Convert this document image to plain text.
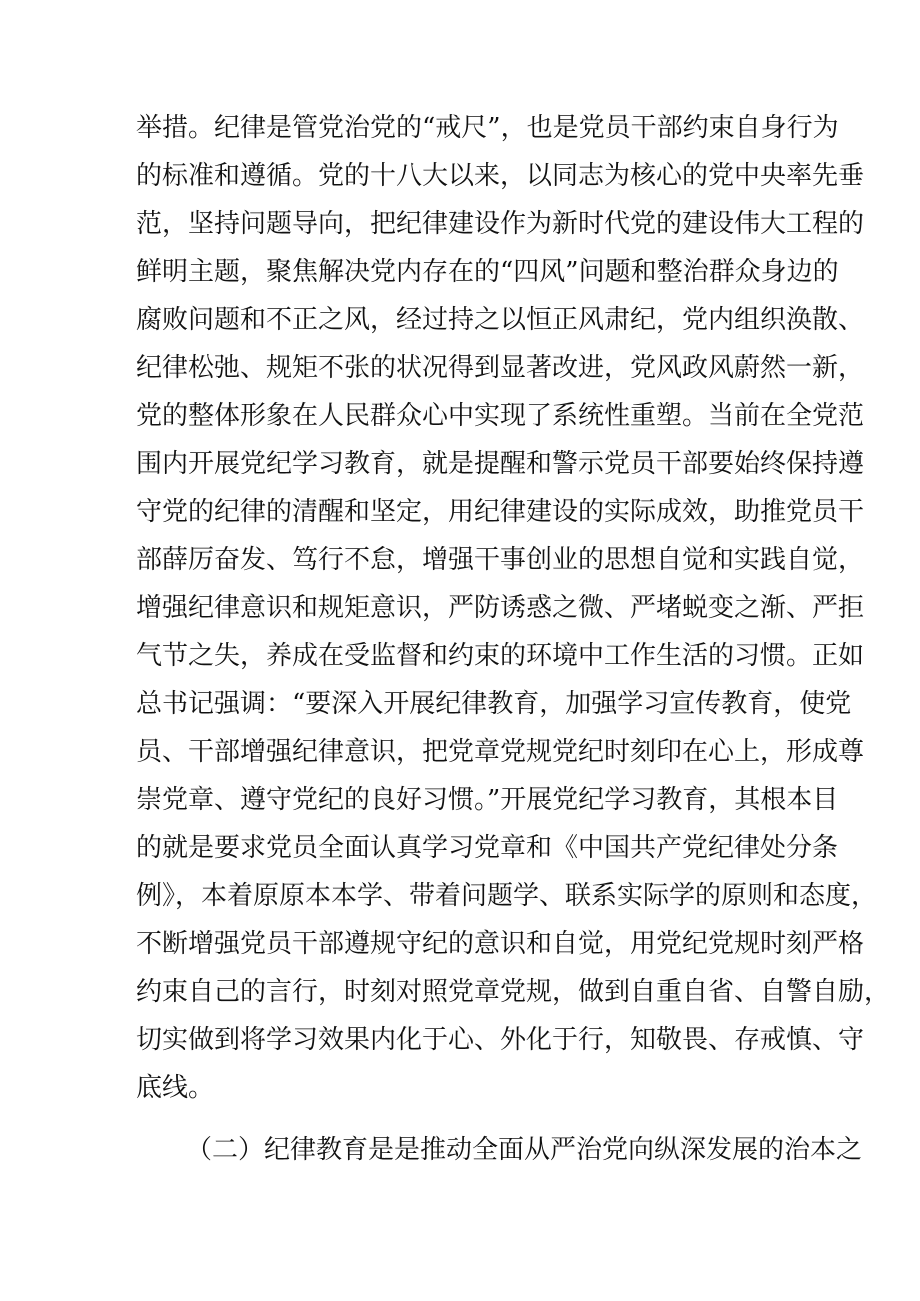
举措。纪律是管党治党的“戒尺”，也是党员干部约束自身行为
的标准和遵循。党的十八大以来，以同志为核心的党中央率先垂
范，坚持问题导向，把纪律建设作为新时代党的建设伟大工程的
鲜明主题，聚焦解决党内存在的“四风”问题和整治群众身边的
腐败问题和不正之风，经过持之以恒正风肃纪，党内组织涣散、
纪律松弛、规矩不张的状况得到显著改进，党风政风蔚然一新，
党的整体形象在人民群众心中实现了系统性重塑。当前在全党范
围内开展党纪学习教育，就是提醒和警示党员干部要始终保持遵
守党的纪律的清醒和坚定，用纪律建设的实际成效，助推党员干
部薛厉奋发、笃行不怠，增强干事创业的思想自觉和实践自觉，
增强纪律意识和规矩意识，严防诱惑之微、严堵蜕变之渐、严拒
气节之失，养成在受监督和约束的环境中工作生活的习惯。正如
总书记强调：“要深入开展纪律教育，加强学习宣传教育，使党
员、干部增强纪律意识，把党章党规党纪时刻印在心上，形成尊
崇党章、遵守党纪的良好习惯。”开展党纪学习教育，其根本目
的就是要求党员全面认真学习党章和《中国共产党纪律处分条
例》，本着原原本本学、带着问题学、联系实际学的原则和态度，
不断增强党员干部遵规守纪的意识和自觉，用党纪党规时刻严格
约束自己的言行，时刻对照党章党规，做到自重自省、自警自励，
切实做到将学习效果内化于心、外化于行，知敬畏、存戒慎、守
底线。
（二）纪律教育是是推动全面从严治党向纵深发展的治本之
